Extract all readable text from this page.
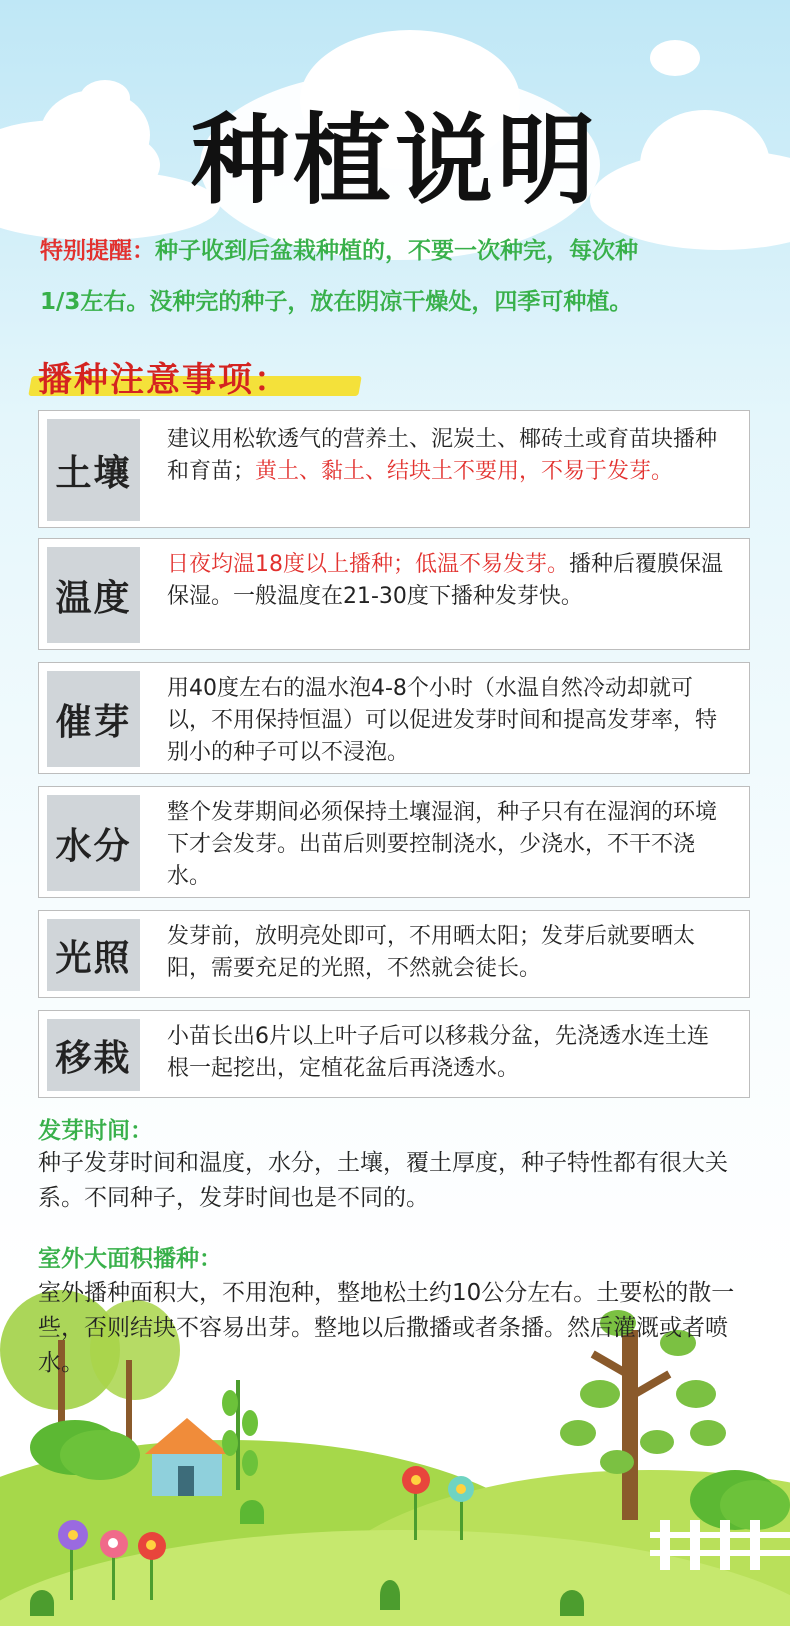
种植说明
特别提醒：种子收到后盆栽种植的，不要一次种完，每次种
1/3左右。没种完的种子，放在阴凉干燥处，四季可种植。
播种注意事项：
土壤
建议用松软透气的营养土、泥炭土、椰砖土或育苗块播种和育苗；黄土、黏土、结块土不要用，不易于发芽。
温度
日夜均温18度以上播种；低温不易发芽。播种后覆膜保温保湿。一般温度在21-30度下播种发芽快。
催芽
用40度左右的温水泡4-8个小时（水温自然冷动却就可以，不用保持恒温）可以促进发芽时间和提高发芽率，特别小的种子可以不浸泡。
水分
整个发芽期间必须保持土壤湿润，种子只有在湿润的环境下才会发芽。出苗后则要控制浇水，少浇水，不干不浇水。
光照	发芽前，放明亮处即可，不用晒太阳；发芽后就要晒太阳，需要充足的光照，不然就会徒长。
移栽	小苗长出6片以上叶子后可以移栽分盆，先浇透水连土连根一起挖出，定植花盆后再浇透水。
发芽时间：
种子发芽时间和温度，水分，土壤，覆土厚度，种子特性都有很大关系。不同种子，发芽时间也是不同的。
室外大面积播种：
室外播种面积大，不用泡种，整地松土约10公分左右。土要松的散一些，否则结块不容易出芽。整地以后撒播或者条播。然后灌溉或者喷水。
